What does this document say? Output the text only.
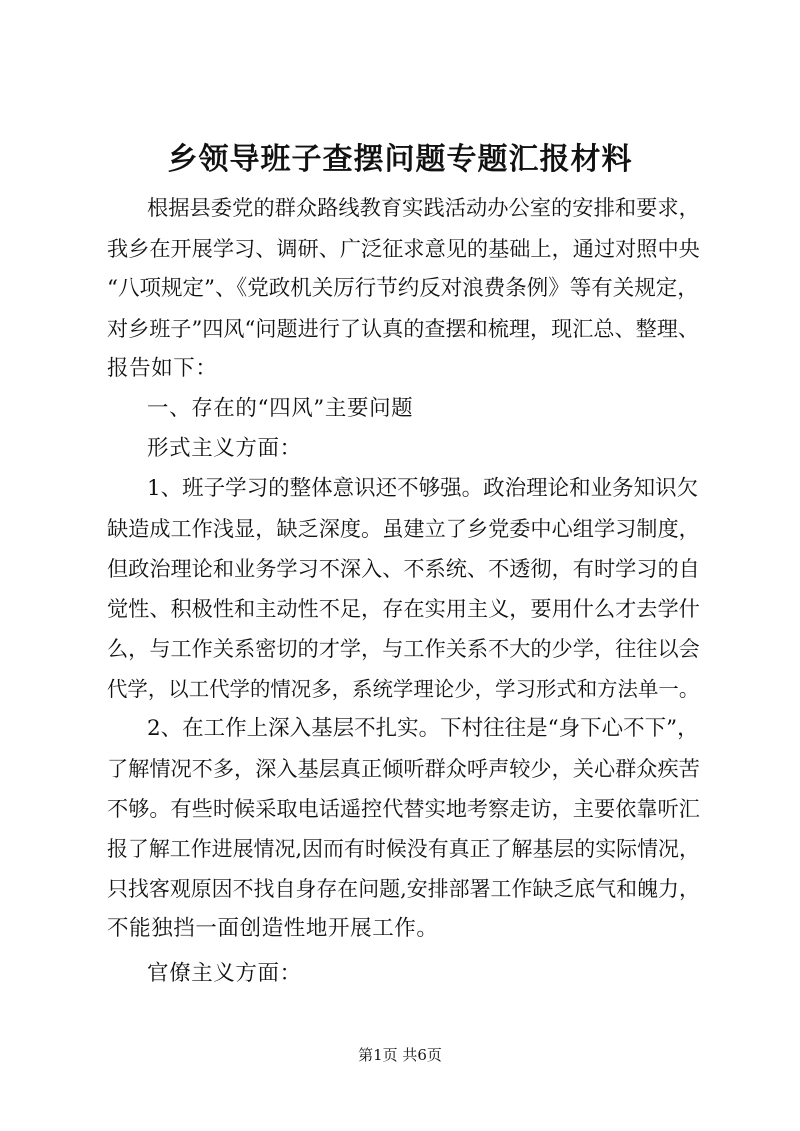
乡领导班子查摆问题专题汇报材料
根据县委党的群众路线教育实践活动办公室的安排和要求，
我乡在开展学习、调研、广泛征求意见的基础上，通过对照中央
“八项规定”、《党政机关厉行节约反对浪费条例》等有关规定，
对乡班子”四风“问题进行了认真的查摆和梳理，现汇总、整理、
报告如下：
一、存在的“四风”主要问题
形式主义方面：
1、班子学习的整体意识还不够强。政治理论和业务知识欠
缺造成工作浅显，缺乏深度。虽建立了乡党委中心组学习制度，
但政治理论和业务学习不深入、不系统、不透彻，有时学习的自
觉性、积极性和主动性不足，存在实用主义，要用什么才去学什
么，与工作关系密切的才学，与工作关系不大的少学，往往以会
代学，以工代学的情况多，系统学理论少，学习形式和方法单一。
2、在工作上深入基层不扎实。下村往往是“身下心不下”，
了解情况不多，深入基层真正倾听群众呼声较少，关心群众疾苦
不够。有些时候采取电话遥控代替实地考察走访，主要依靠听汇
报了解工作进展情况,因而有时候没有真正了解基层的实际情况，
只找客观原因不找自身存在问题,安排部署工作缺乏底气和魄力，
不能独挡一面创造性地开展工作。
官僚主义方面：
第1页 共6页
